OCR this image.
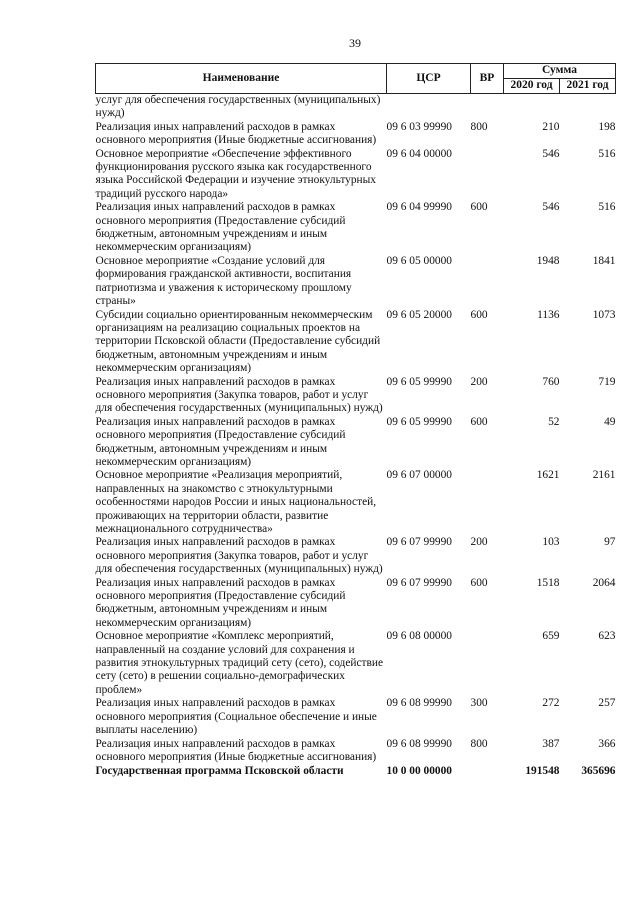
39
Наименование	ЦСР	ВР	Сумма	
			2020 год	2021 год
услуг для обеспечения государственных (муниципальных) нужд)				
Реализация иных направлений расходов в рамках основного мероприятия (Иные бюджетные ассигнования)	09 6 03 99990	800	210	198
Основное мероприятие «Обеспечение эффективного функционирования русского языка как государственного языка Российской Федерации и изучение этнокультурных традиций русского народа»	09 6 04 00000		546	516
Реализация иных направлений расходов в рамках основного мероприятия (Предоставление субсидий бюджетным, автономным учреждениям и иным некоммерческим организациям)	09 6 04 99990	600	546	516
Основное мероприятие «Создание условий для формирования гражданской активности, воспитания патриотизма и уважения к историческому прошлому страны»	09 6 05 00000		1948	1841
Субсидии социально ориентированным некоммерческим организациям на реализацию социальных проектов на территории Псковской области (Предоставление субсидий бюджетным, автономным учреждениям и иным некоммерческим организациям)	09 6 05 20000	600	1136	1073
Реализация иных направлений расходов в рамках основного мероприятия (Закупка товаров, работ и услуг для обеспечения государственных (муниципальных) нужд)	09 6 05 99990	200	760	719
Реализация иных направлений расходов в рамках основного мероприятия (Предоставление субсидий бюджетным, автономным учреждениям и иным некоммерческим организациям)	09 6 05 99990	600	52	49
Основное мероприятие «Реализация мероприятий, направленных на знакомство с этнокультурными особенностями народов России и иных национальностей, проживающих на территории области, развитие межнационального сотрудничества»	09 6 07 00000		1621	2161
Реализация иных направлений расходов в рамках основного мероприятия (Закупка товаров, работ и услуг для обеспечения государственных (муниципальных) нужд)	09 6 07 99990	200	103	97
Реализация иных направлений расходов в рамках основного мероприятия (Предоставление субсидий бюджетным, автономным учреждениям и иным некоммерческим организациям)	09 6 07 99990	600	1518	2064
Основное мероприятие «Комплекс мероприятий, направленный на создание условий для сохранения и развития этнокультурных традиций сету (сето), содействие сету (сето) в решении социально-демографических проблем»	09 6 08 00000		659	623
Реализация иных направлений расходов в рамках основного мероприятия (Социальное обеспечение и иные выплаты населению)	09 6 08 99990	300	272	257
Реализация иных направлений расходов в рамках основного мероприятия (Иные бюджетные ассигнования)	09 6 08 99990	800	387	366
Государственная программа Псковской области	10 0 00 00000		191548	365696
